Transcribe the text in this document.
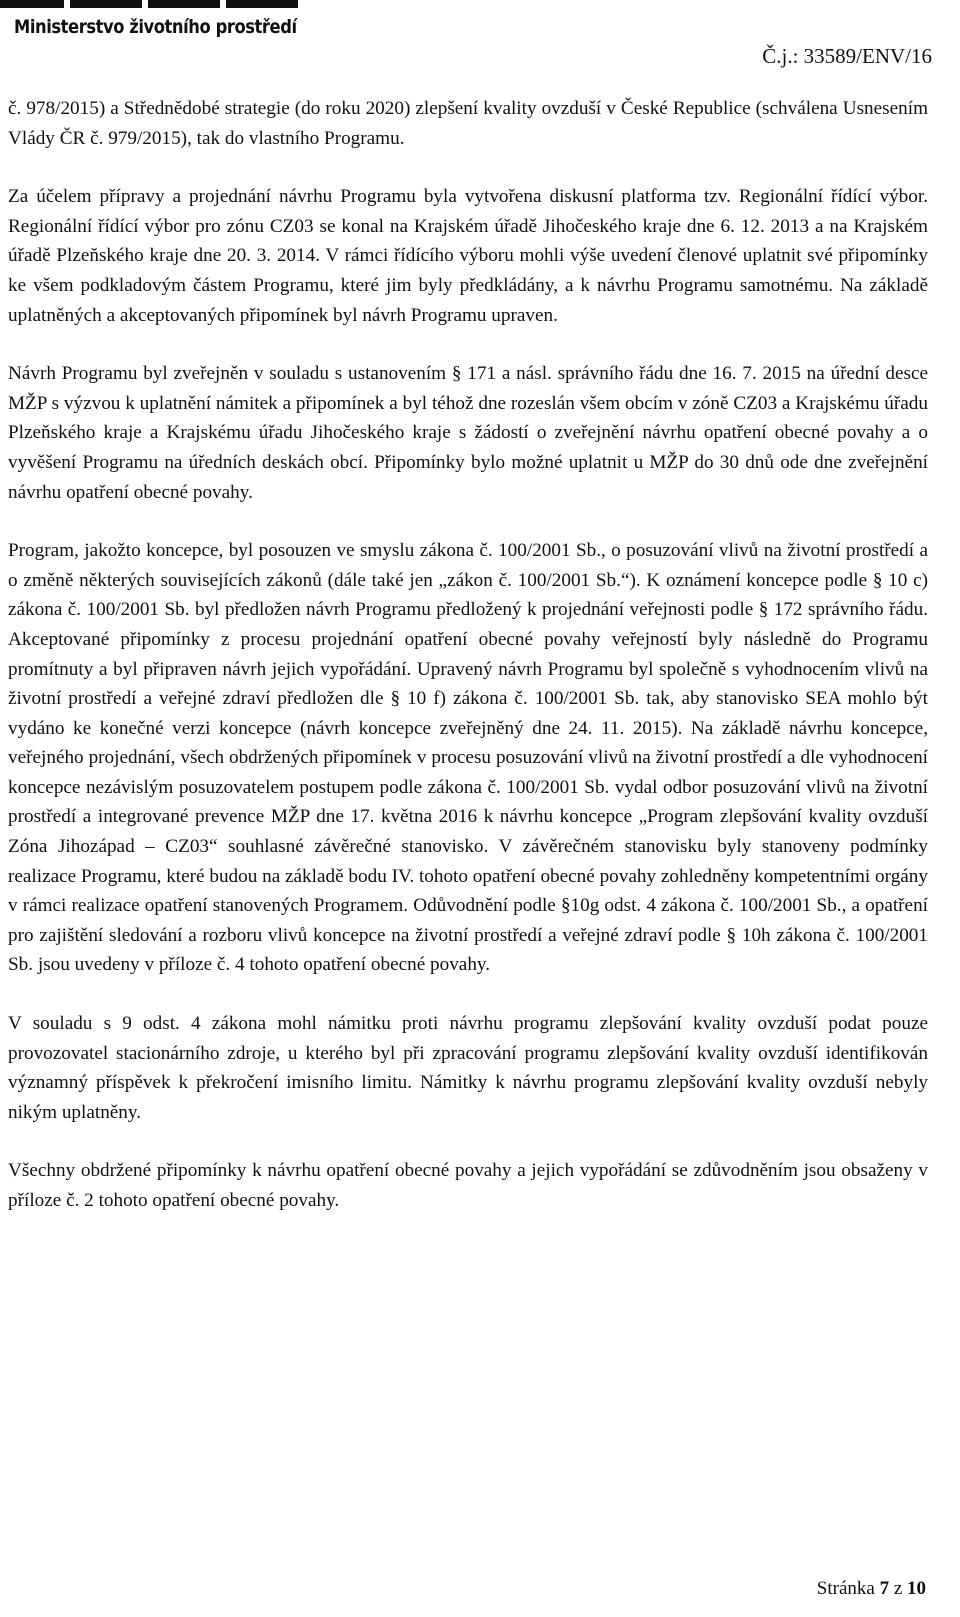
Ministerstvo životního prostředí
Č.j.: 33589/ENV/16

č. 978/2015) a Střednědobé strategie (do roku 2020) zlepšení kvality ovzduší v České Republice (schválena Usnesením Vlády ČR č. 979/2015), tak do vlastního Programu.

Za účelem přípravy a projednání návrhu Programu byla vytvořena diskusní platforma tzv. Regionální řídící výbor. Regionální řídící výbor pro zónu CZ03 se konal na Krajském úřadě Jihočeského kraje dne 6. 12. 2013 a na Krajském úřadě Plzeňského kraje dne 20. 3. 2014. V rámci řídícího výboru mohli výše uvedení členové uplatnit své připomínky ke všem podkladovým částem Programu, které jim byly předkládány, a k návrhu Programu samotnému. Na základě uplatněných a akceptovaných připomínek byl návrh Programu upraven.

Návrh Programu byl zveřejněn v souladu s ustanovením § 171 a násl. správního řádu dne 16. 7. 2015 na úřední desce MŽP s výzvou k uplatnění námitek a připomínek a byl téhož dne rozeslán všem obcím v zóně CZ03 a Krajskému úřadu Plzeňského kraje a Krajskému úřadu Jihočeského kraje s žádostí o zveřejnění návrhu opatření obecné povahy a o vyvěšení Programu na úředních deskách obcí. Připomínky bylo možné uplatnit u MŽP do 30 dnů ode dne zveřejnění návrhu opatření obecné povahy.

Program, jakožto koncepce, byl posouzen ve smyslu zákona č. 100/2001 Sb., o posuzování vlivů na životní prostředí a o změně některých souvisejících zákonů (dále také jen „zákon č. 100/2001 Sb.“). K oznámení koncepce podle § 10 c) zákona č. 100/2001 Sb. byl předložen návrh Programu předložený k projednání veřejnosti podle § 172 správního řádu. Akceptované připomínky z procesu projednání opatření obecné povahy veřejností byly následně do Programu promítnuty a byl připraven návrh jejich vypořádání. Upravený návrh Programu byl společně s vyhodnocením vlivů na životní prostředí a veřejné zdraví předložen dle § 10 f) zákona č. 100/2001 Sb. tak, aby stanovisko SEA mohlo být vydáno ke konečné verzi koncepce (návrh koncepce zveřejněný dne 24. 11. 2015). Na základě návrhu koncepce, veřejného projednání, všech obdržených připomínek v procesu posuzování vlivů na životní prostředí a dle vyhodnocení koncepce nezávislým posuzovatelem postupem podle zákona č. 100/2001 Sb. vydal odbor posuzování vlivů na životní prostředí a integrované prevence MŽP dne 17. května 2016 k návrhu koncepce „Program zlepšování kvality ovzduší Zóna Jihozápad – CZ03“ souhlasné závěrečné stanovisko. V závěrečném stanovisku byly stanoveny podmínky realizace Programu, které budou na základě bodu IV. tohoto opatření obecné povahy zohledněny kompetentními orgány v rámci realizace opatření stanovených Programem. Odůvodnění podle §10g odst. 4 zákona č. 100/2001 Sb., a opatření pro zajištění sledování a rozboru vlivů koncepce na životní prostředí a veřejné zdraví podle § 10h zákona č. 100/2001 Sb. jsou uvedeny v příloze č. 4 tohoto opatření obecné povahy.

V souladu s 9 odst. 4 zákona mohl námitku proti návrhu programu zlepšování kvality ovzduší podat pouze provozovatel stacionárního zdroje, u kterého byl při zpracování programu zlepšování kvality ovzduší identifikován významný příspěvek k překročení imisního limitu. Námitky k návrhu programu zlepšování kvality ovzduší nebyly nikým uplatněny.

Všechny obdržené připomínky k návrhu opatření obecné povahy a jejich vypořádání se zdůvodněním jsou obsaženy v příloze č. 2 tohoto opatření obecné povahy.

Stránka 7 z 10
